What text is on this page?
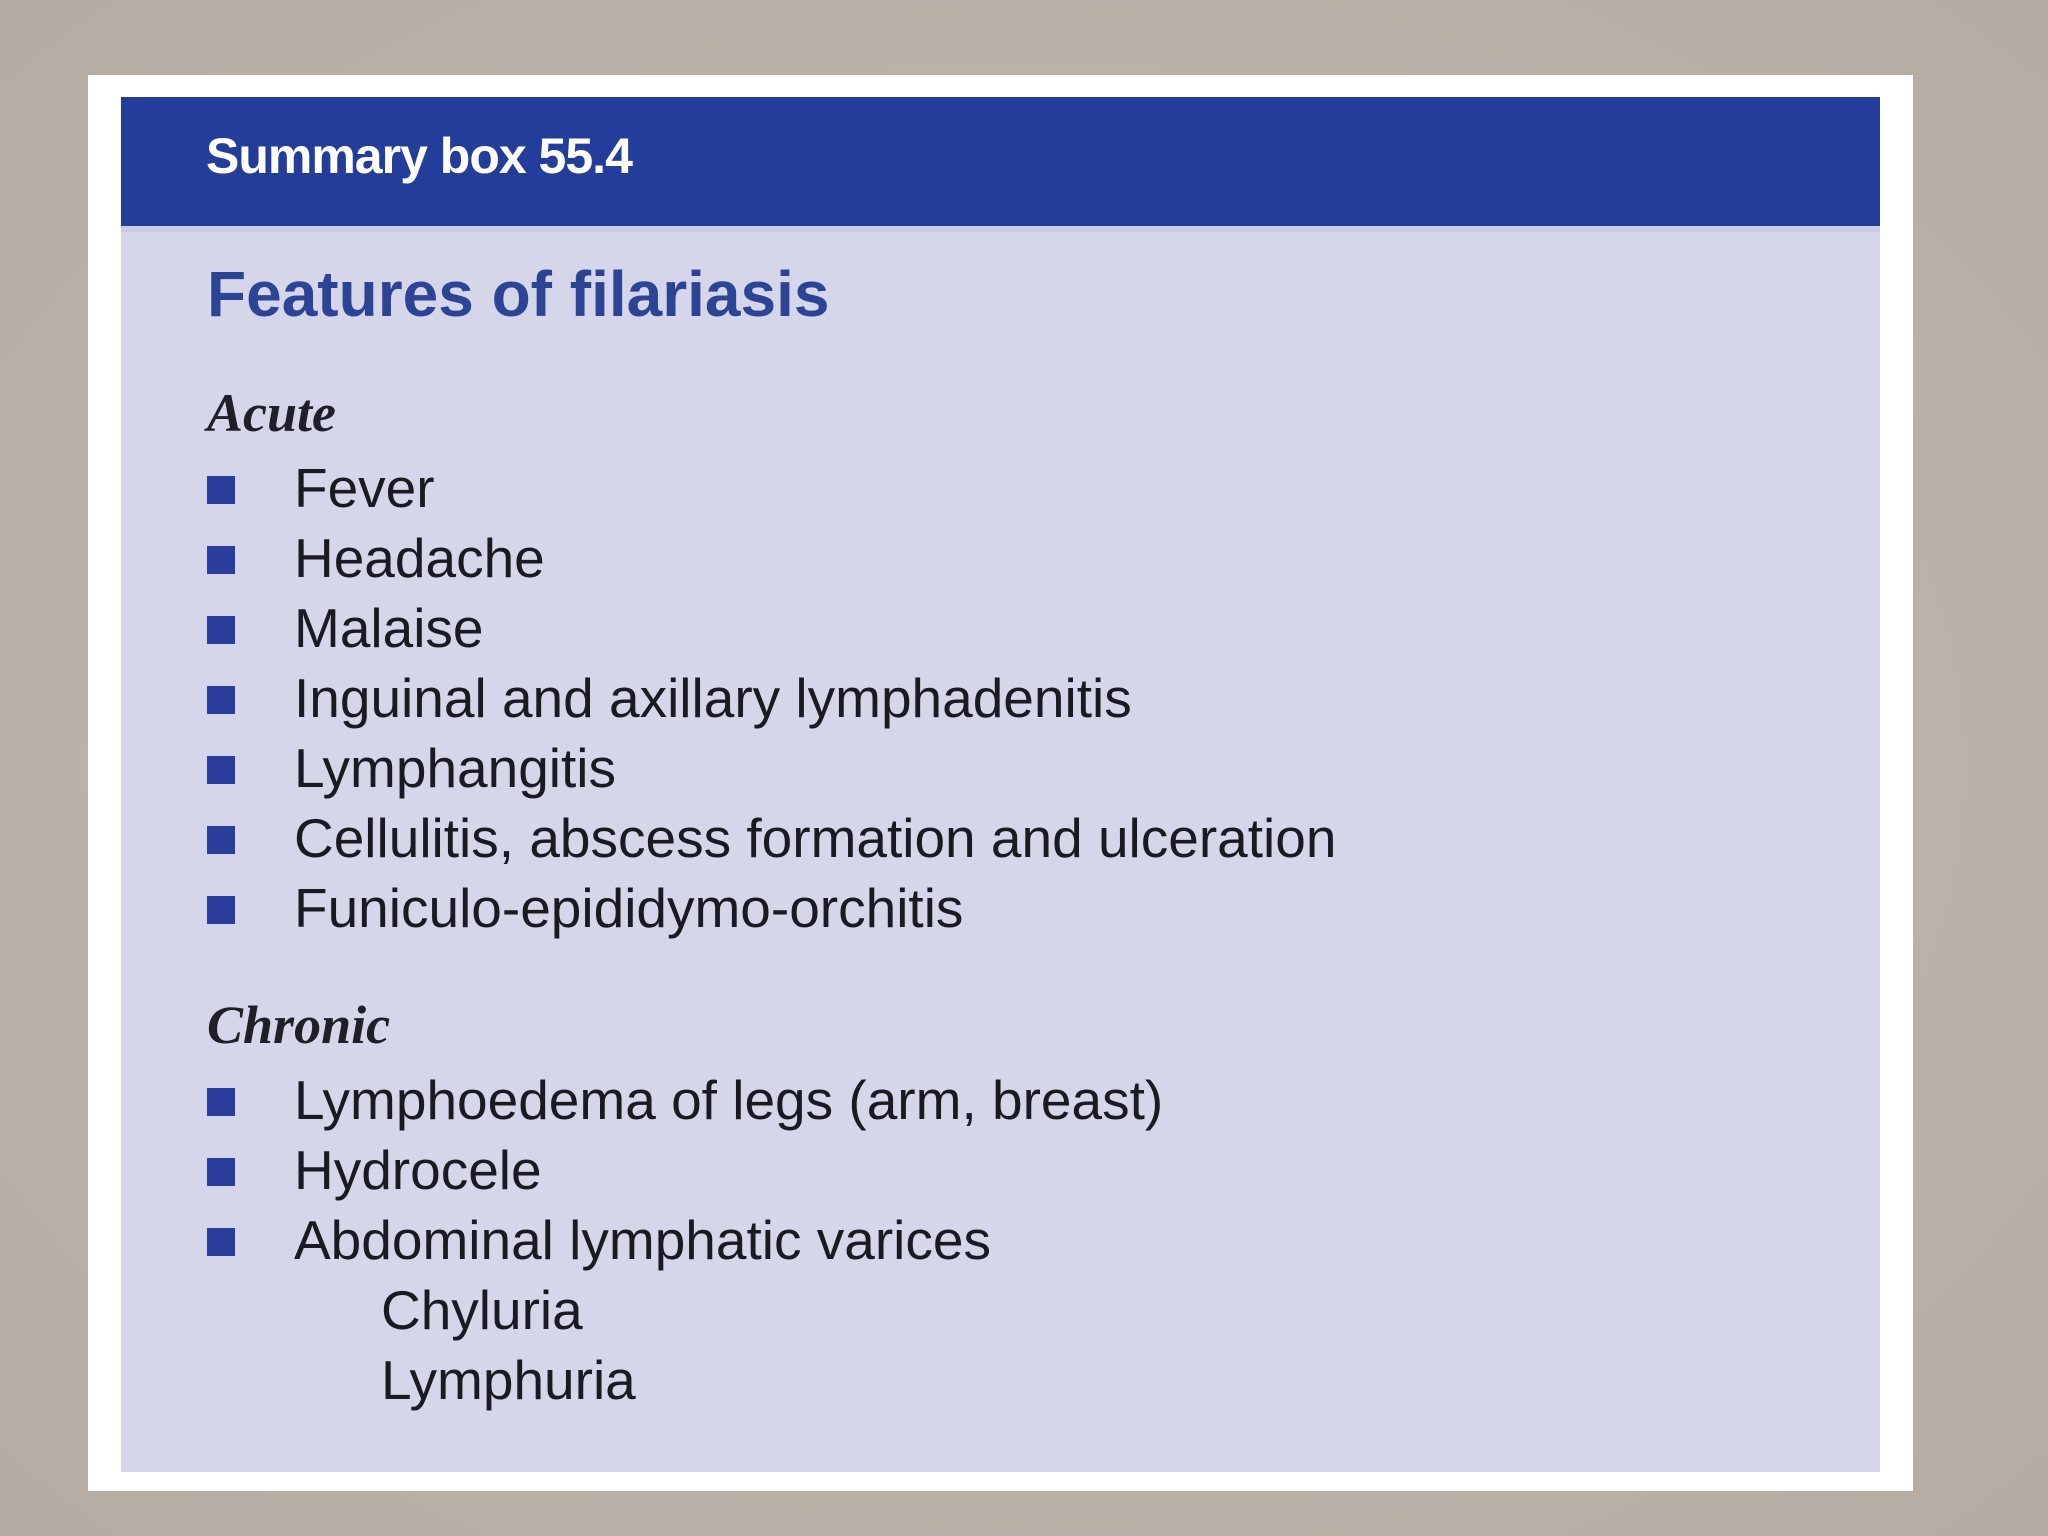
Summary box 55.4
Features of filariasis
Acute
Fever
Headache
Malaise
Inguinal and axillary lymphadenitis
Lymphangitis
Cellulitis, abscess formation and ulceration
Funiculo-epididymo-orchitis
Chronic
Lymphoedema of legs (arm, breast)
Hydrocele
Abdominal lymphatic varices
Chyluria
Lymphuria
